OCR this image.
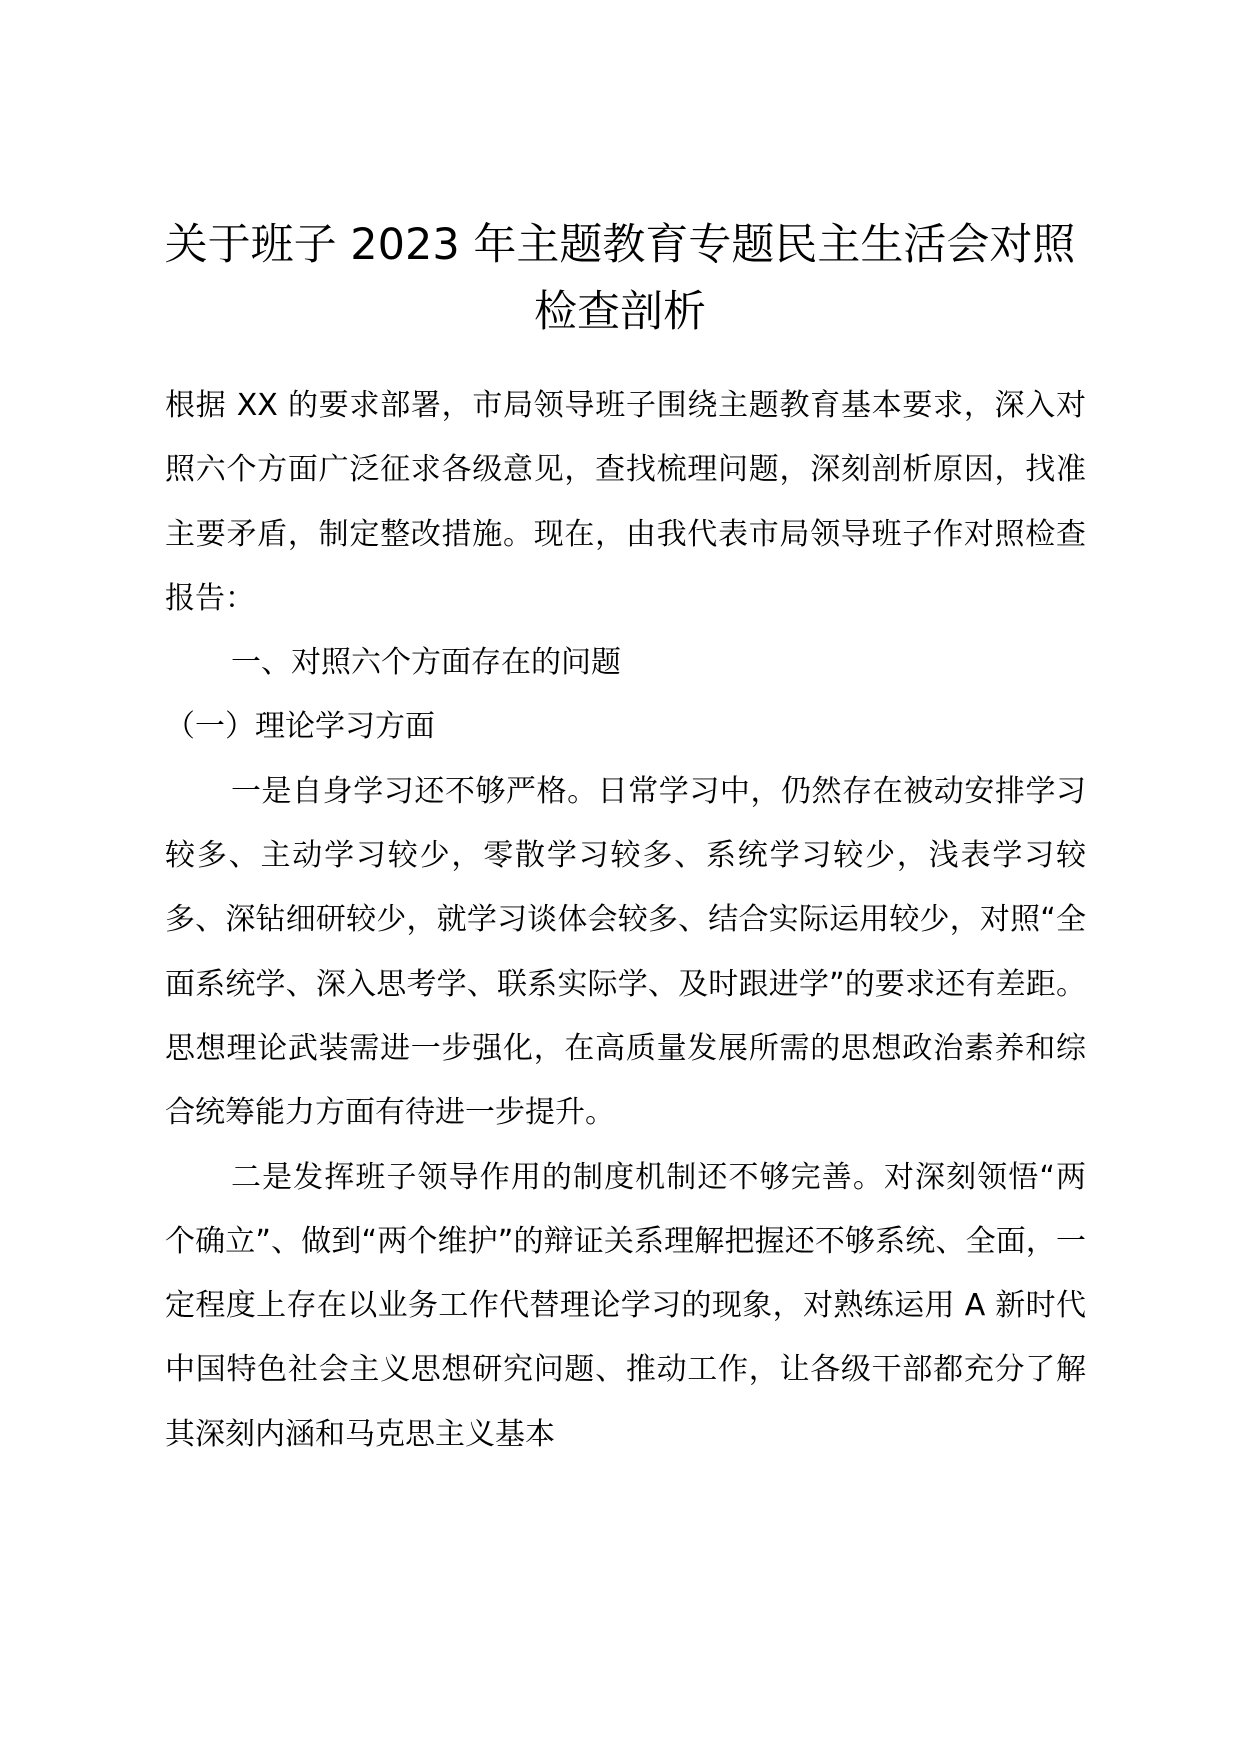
关于班子 2023 年主题教育专题民主生活会对照检查剖析

根据 XX 的要求部署，市局领导班子围绕主题教育基本要求，深入对照六个方面广泛征求各级意见，查找梳理问题，深刻剖析原因，找准主要矛盾，制定整改措施。现在，由我代表市局领导班子作对照检查报告：

一、对照六个方面存在的问题

（一）理论学习方面

一是自身学习还不够严格。日常学习中，仍然存在被动安排学习较多、主动学习较少，零散学习较多、系统学习较少，浅表学习较多、深钻细研较少，就学习谈体会较多、结合实际运用较少，对照“全面系统学、深入思考学、联系实际学、及时跟进学”的要求还有差距。思想理论武装需进一步强化，在高质量发展所需的思想政治素养和综合统筹能力方面有待进一步提升。

二是发挥班子领导作用的制度机制还不够完善。对深刻领悟“两个确立”、做到“两个维护”的辩证关系理解把握还不够系统、全面，一定程度上存在以业务工作代替理论学习的现象，对熟练运用 A 新时代中国特色社会主义思想研究问题、推动工作，让各级干部都充分了解其深刻内涵和马克思主义基本
